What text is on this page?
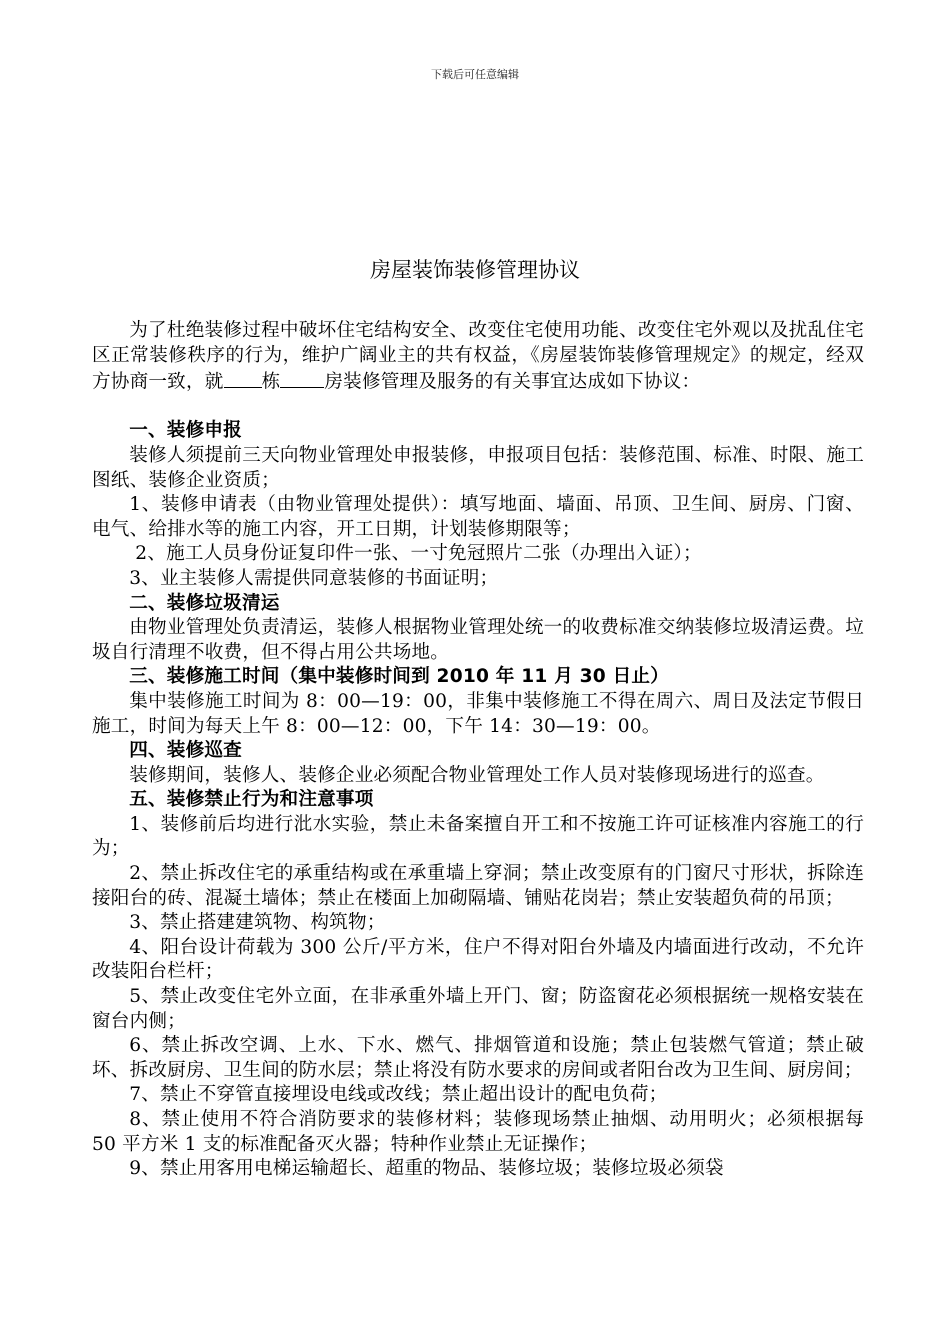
下载后可任意编辑
房屋装饰装修管理协议

为了杜绝装修过程中破坏住宅结构安全、改变住宅使用功能、改变住宅外观以及扰乱住宅区正常装修秩序的行为，维护广阔业主的共有权益，《房屋装饰装修管理规定》的规定，经双方协商一致，就 栋 房装修管理及服务的有关事宜达成如下协议：

一、装修申报

装修人须提前三天向物业管理处申报装修，申报项目包括：装修范围、标准、时限、施工图纸、装修企业资质；

1、装修申请表（由物业管理处提供）：填写地面、墙面、吊顶、卫生间、厨房、门窗、电气、给排水等的施工内容，开工日期，计划装修期限等；

2、施工人员身份证复印件一张、一寸免冠照片二张（办理出入证）；

3、业主装修人需提供同意装修的书面证明；

二、装修垃圾清运

由物业管理处负责清运，装修人根据物业管理处统一的收费标准交纳装修垃圾清运费。垃圾自行清理不收费，但不得占用公共场地。

三、装修施工时间（集中装修时间到 2010 年 11 月 30 日止）

集中装修施工时间为 8：00—19：00，非集中装修施工不得在周六、周日及法定节假日施工，时间为每天上午 8：00—12：00，下午 14：30—19：00。

四、装修巡查

装修期间，装修人、装修企业必须配合物业管理处工作人员对装修现场进行的巡查。

五、装修禁止行为和注意事项

1、装修前后均进行沘水实验，禁止未备案擅自开工和不按施工许可证核准内容施工的行为；

2、禁止拆改住宅的承重结构或在承重墙上穿洞；禁止改变原有的门窗尺寸形状，拆除连接阳台的砖、混凝土墙体；禁止在楼面上加砌隔墙、铺贴花岗岩；禁止安装超负荷的吊顶；

3、禁止搭建建筑物、构筑物；

4、阳台设计荷载为 300 公斤/平方米，住户不得对阳台外墙及内墙面进行改动，不允许改装阳台栏杆；

5、禁止改变住宅外立面，在非承重外墙上开门、窗；防盗窗花必须根据统一规格安装在窗台内侧；

6、禁止拆改空调、上水、下水、燃气、排烟管道和设施；禁止包装燃气管道；禁止破坏、拆改厨房、卫生间的防水层；禁止将没有防水要求的房间或者阳台改为卫生间、厨房间；

7、禁止不穿管直接埋设电线或改线；禁止超出设计的配电负荷；

8、禁止使用不符合消防要求的装修材料；装修现场禁止抽烟、动用明火；必须根据每 50 平方米 1 支的标准配备灭火器；特种作业禁止无证操作；

9、禁止用客用电梯运输超长、超重的物品、装修垃圾；装修垃圾必须袋
